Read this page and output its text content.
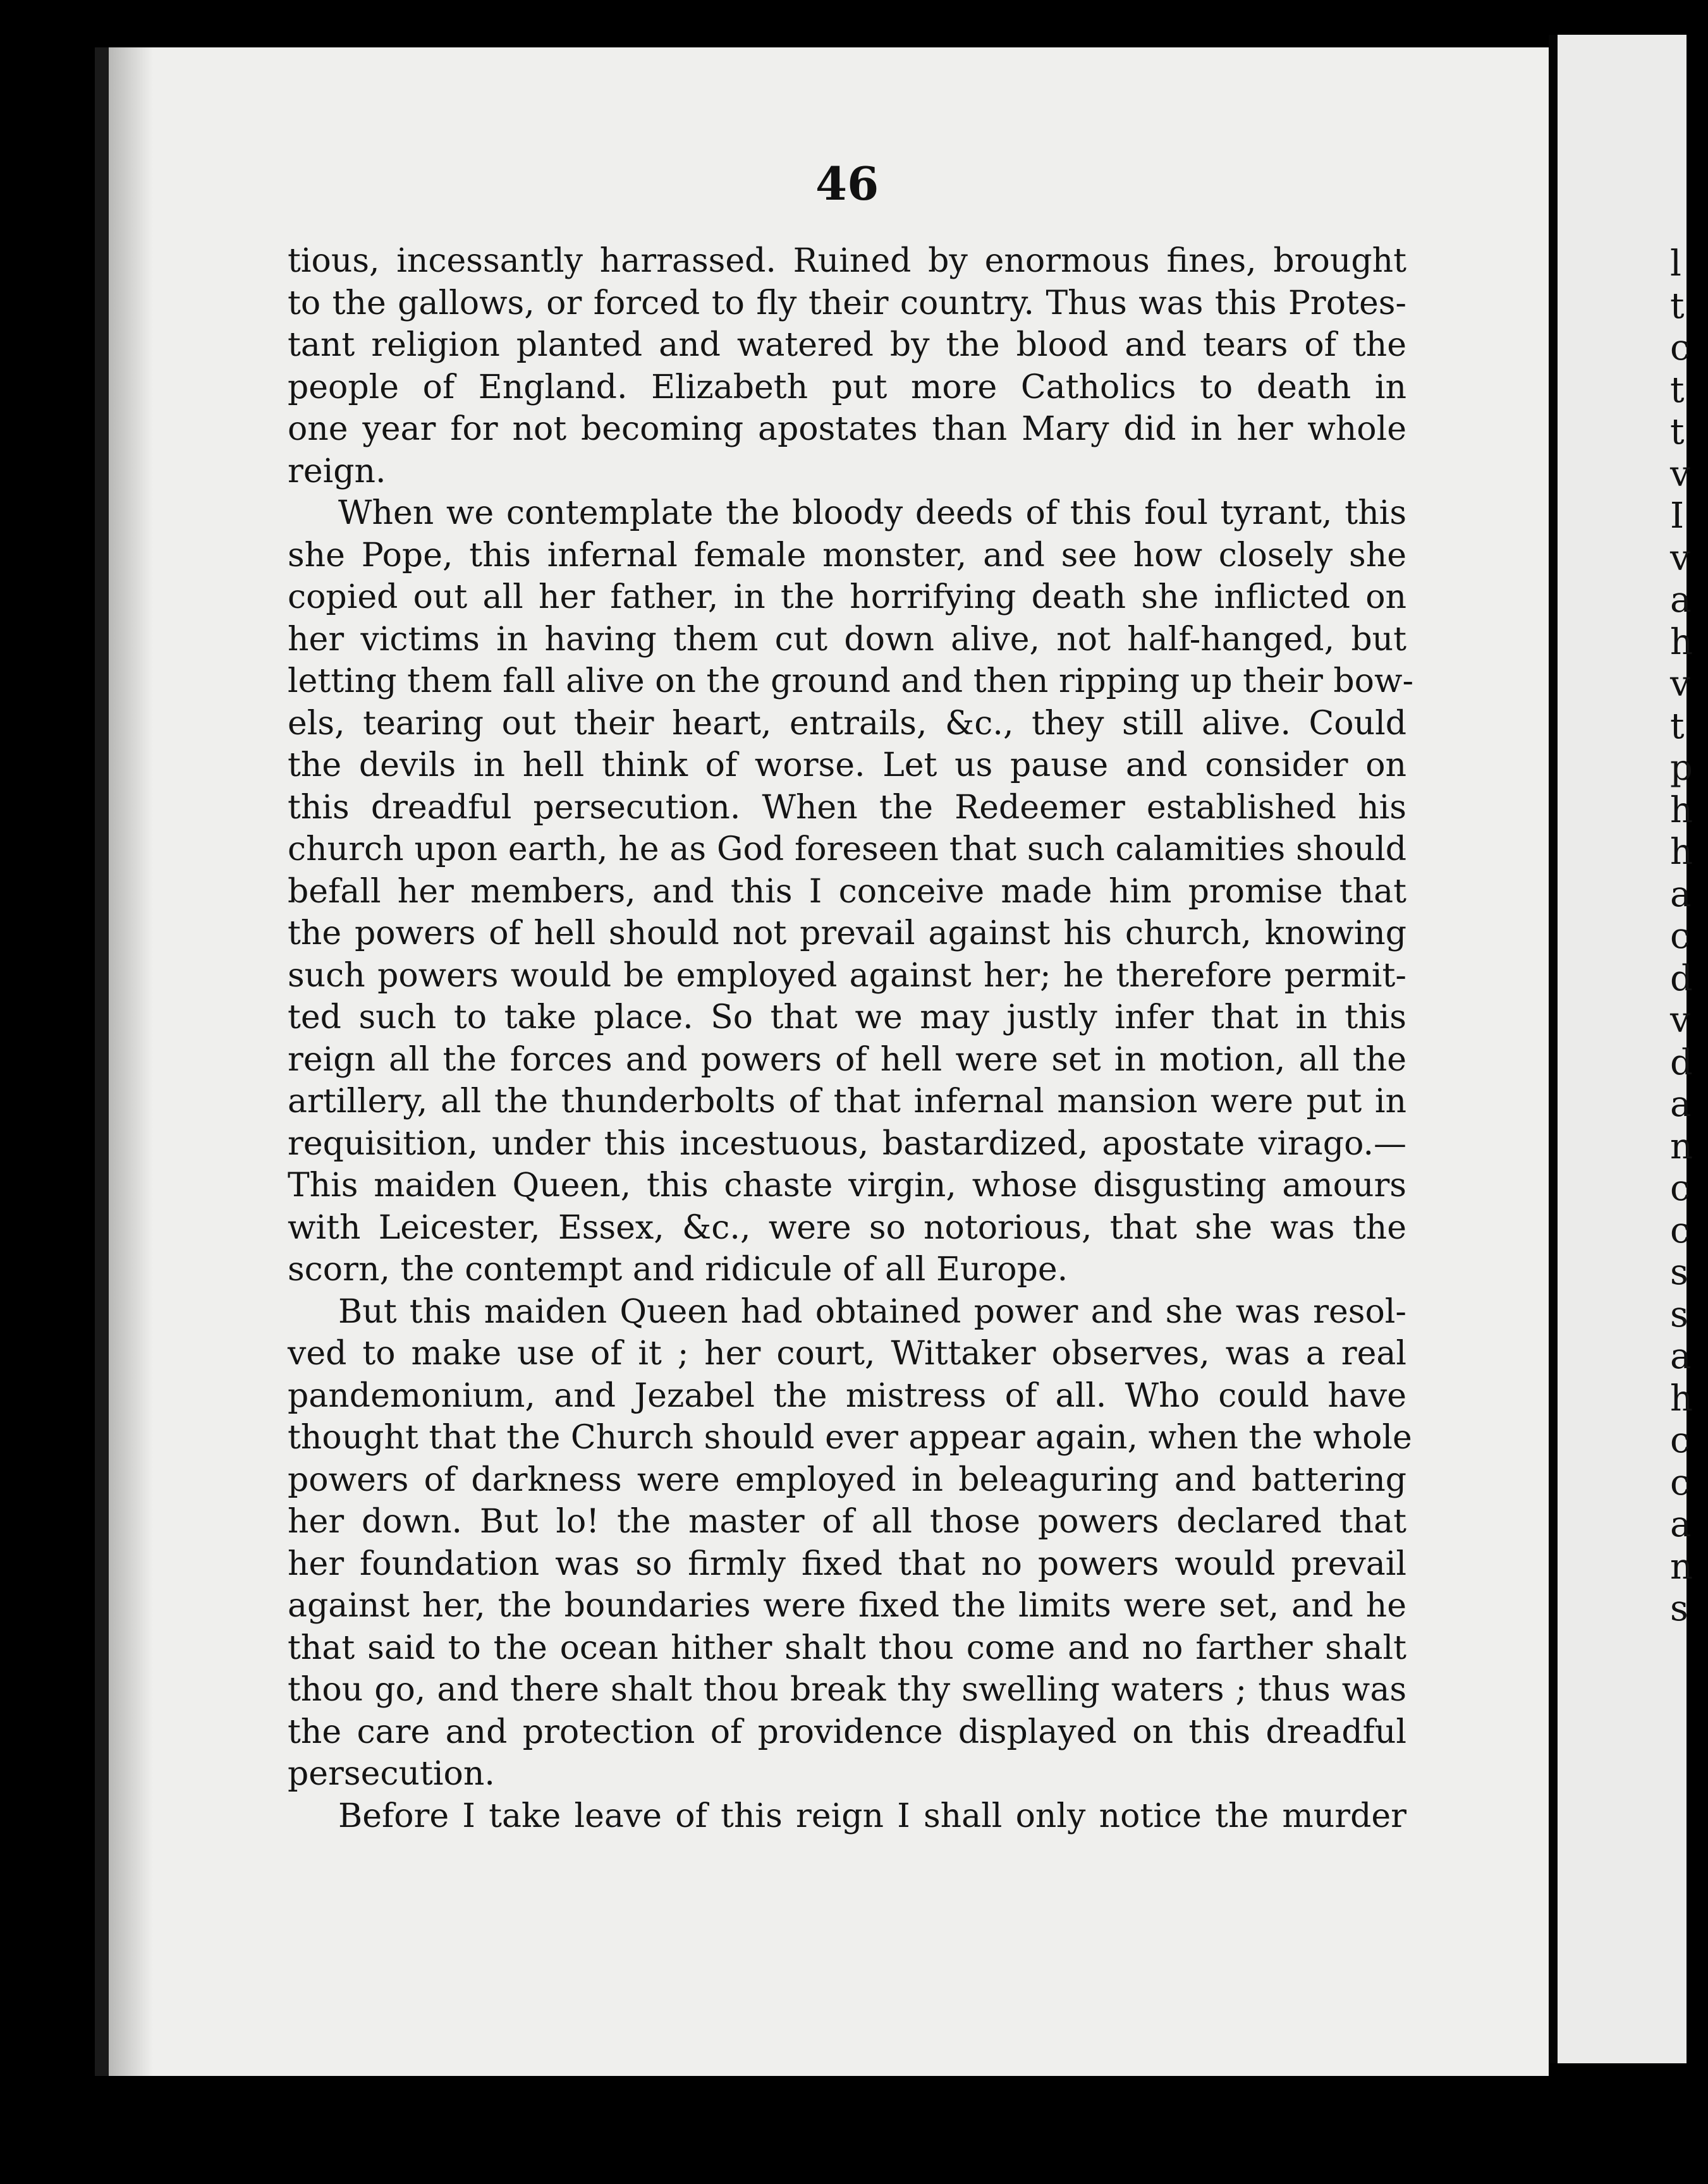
l
t
c
t
t
v
I
v
a
h
v
t
p
h
h
a
c
d
v
d
a
n
c
c
s
s
a
h
c
c
a
n
s
46
tious, incessantly harrassed. Ruined by enormous fines, brought
to the gallows, or forced to fly their country. Thus was this Protes-
tant religion planted and watered by the blood and tears of the
people of England. Elizabeth put more Catholics to death in
one year for not becoming apostates than Mary did in her whole
reign.
When we contemplate the bloody deeds of this foul tyrant, this
she Pope, this infernal female monster, and see how closely she
copied out all her father, in the horrifying death she inflicted on
her victims in having them cut down alive, not half-hanged, but
letting them fall alive on the ground and then ripping up their bow-
els, tearing out their heart, entrails, &c., they still alive. Could
the devils in hell think of worse. Let us pause and consider on
this dreadful persecution. When the Redeemer established his
church upon earth, he as God foreseen that such calamities should
befall her members, and this I conceive made him promise that
the powers of hell should not prevail against his church, knowing
such powers would be employed against her; he therefore permit-
ted such to take place. So that we may justly infer that in this
reign all the forces and powers of hell were set in motion, all the
artillery, all the thunderbolts of that infernal mansion were put in
requisition, under this incestuous, bastardized, apostate virago.—
This maiden Queen, this chaste virgin, whose disgusting amours
with Leicester, Essex, &c., were so notorious, that she was the
scorn, the contempt and ridicule of all Europe.
But this maiden Queen had obtained power and she was resol-
ved to make use of it ; her court, Wittaker observes, was a real
pandemonium, and Jezabel the mistress of all. Who could have
thought that the Church should ever appear again, when the whole
powers of darkness were employed in beleaguring and battering
her down. But lo! the master of all those powers declared that
her foundation was so firmly fixed that no powers would prevail
against her, the boundaries were fixed the limits were set, and he
that said to the ocean hither shalt thou come and no farther shalt
thou go, and there shalt thou break thy swelling waters ; thus was
the care and protection of providence displayed on this dreadful
persecution.
Before I take leave of this reign I shall only notice the murder
